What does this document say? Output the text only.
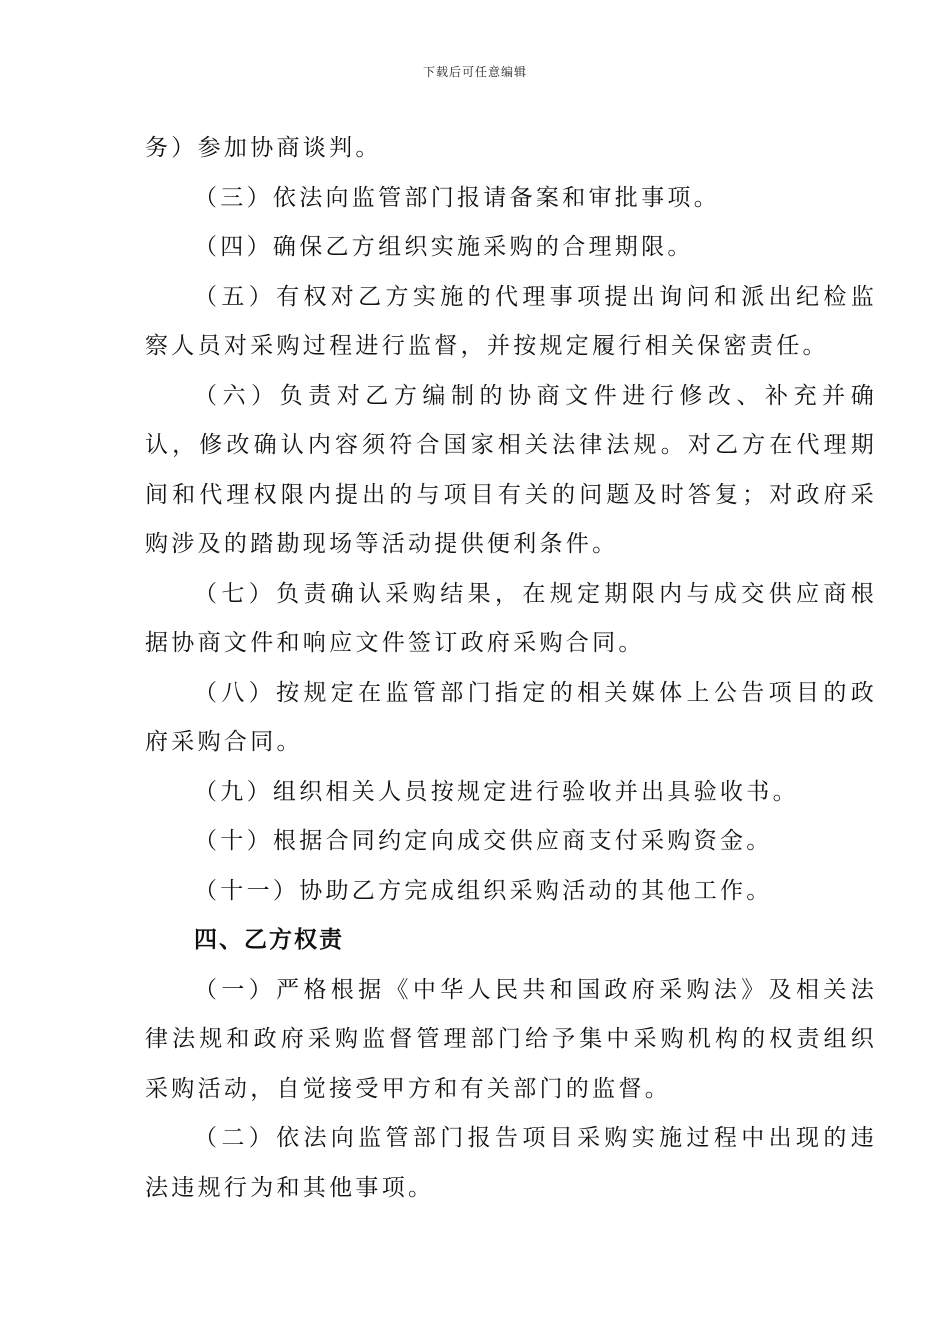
下载后可任意编辑

务）参加协商谈判。

（三）依法向监管部门报请备案和审批事项。

（四）确保乙方组织实施采购的合理期限。

（五）有权对乙方实施的代理事项提出询问和派出纪检监察人员对采购过程进行监督，并按规定履行相关保密责任。

（六）负责对乙方编制的协商文件进行修改、补充并确认，修改确认内容须符合国家相关法律法规。对乙方在代理期间和代理权限内提出的与项目有关的问题及时答复；对政府采购涉及的踏勘现场等活动提供便利条件。

（七）负责确认采购结果，在规定期限内与成交供应商根据协商文件和响应文件签订政府采购合同。

（八）按规定在监管部门指定的相关媒体上公告项目的政府采购合同。

（九）组织相关人员按规定进行验收并出具验收书。

（十）根据合同约定向成交供应商支付采购资金。

（十一）协助乙方完成组织采购活动的其他工作。

四、乙方权责

（一）严格根据《中华人民共和国政府采购法》及相关法律法规和政府采购监督管理部门给予集中采购机构的权责组织采购活动，自觉接受甲方和有关部门的监督。

（二）依法向监管部门报告项目采购实施过程中出现的违法违规行为和其他事项。
